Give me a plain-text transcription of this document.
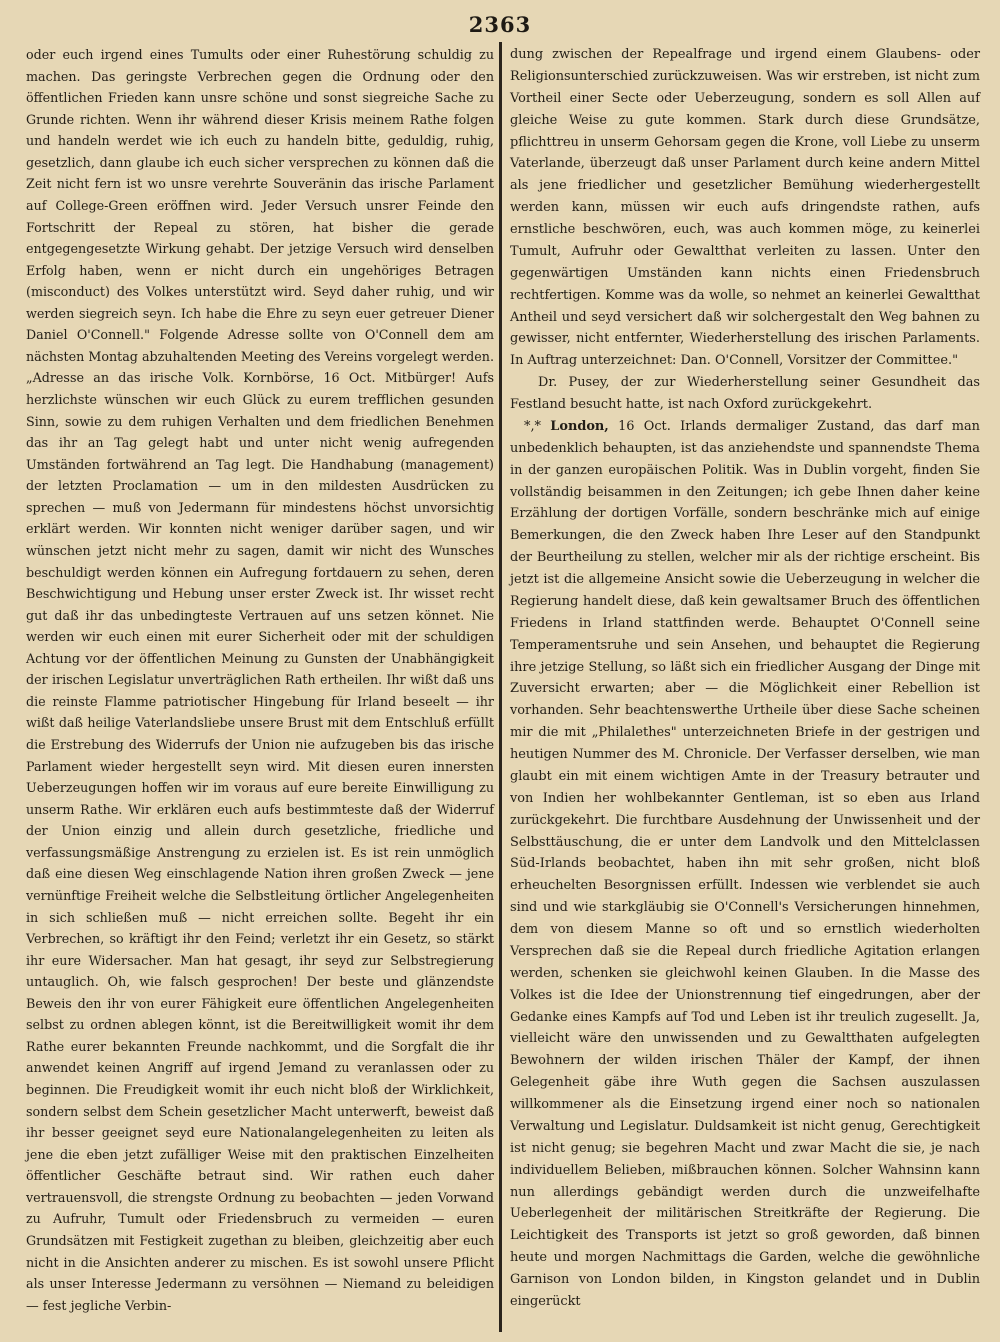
2363

oder euch irgend eines Tumults oder einer Ruhestörung schuldig zu machen. Das geringste Verbrechen gegen die Ordnung oder den öffentlichen Frieden kann unsre schöne und sonst siegreiche Sache zu Grunde richten. Wenn ihr während dieser Krisis meinem Rathe folgen und handeln werdet wie ich euch zu handeln bitte, geduldig, ruhig, gesetzlich, dann glaube ich euch sicher versprechen zu können daß die Zeit nicht fern ist wo unsre verehrte Souveränin das irische Parlament auf College-Green eröffnen wird. Jeder Versuch unsrer Feinde den Fortschritt der Repeal zu stören, hat bisher die gerade entgegengesetzte Wirkung gehabt. Der jetzige Versuch wird denselben Erfolg haben, wenn er nicht durch ein ungehöriges Betragen (misconduct) des Volkes unterstützt wird. Seyd daher ruhig, und wir werden siegreich seyn. Ich habe die Ehre zu seyn euer getreuer Diener Daniel O'Connell." Folgende Adresse sollte von O'Connell dem am nächsten Montag abzuhaltenden Meeting des Vereins vorgelegt werden. „Adresse an das irische Volk. Kornbörse, 16 Oct. Mitbürger! Aufs herzlichste wünschen wir euch Glück zu eurem trefflichen gesunden Sinn, sowie zu dem ruhigen Verhalten und dem friedlichen Benehmen das ihr an Tag gelegt habt und unter nicht wenig aufregenden Umständen fortwährend an Tag legt. Die Handhabung (management) der letzten Proclamation — um in den mildesten Ausdrücken zu sprechen — muß von Jedermann für mindestens höchst unvorsichtig erklärt werden. Wir konnten nicht weniger darüber sagen, und wir wünschen jetzt nicht mehr zu sagen, damit wir nicht des Wunsches beschuldigt werden können ein Aufregung fortdauern zu sehen, deren Beschwichtigung und Hebung unser erster Zweck ist. Ihr wisset recht gut daß ihr das unbedingteste Vertrauen auf uns setzen könnet. Nie werden wir euch einen mit eurer Sicherheit oder mit der schuldigen Achtung vor der öffentlichen Meinung zu Gunsten der Unabhängigkeit der irischen Legislatur unverträglichen Rath ertheilen. Ihr wißt daß uns die reinste Flamme patriotischer Hingebung für Irland beseelt — ihr wißt daß heilige Vaterlandsliebe unsere Brust mit dem Entschluß erfüllt die Erstrebung des Widerrufs der Union nie aufzugeben bis das irische Parlament wieder hergestellt seyn wird. Mit diesen euren innersten Ueberzeugungen hoffen wir im voraus auf eure bereite Einwilligung zu unserm Rathe. Wir erklären euch aufs bestimmteste daß der Widerruf der Union einzig und allein durch gesetzliche, friedliche und verfassungsmäßige Anstrengung zu erzielen ist. Es ist rein unmöglich daß eine diesen Weg einschlagende Nation ihren großen Zweck — jene vernünftige Freiheit welche die Selbstleitung örtlicher Angelegenheiten in sich schließen muß — nicht erreichen sollte. Begeht ihr ein Verbrechen, so kräftigt ihr den Feind; verletzt ihr ein Gesetz, so stärkt ihr eure Widersacher. Man hat gesagt, ihr seyd zur Selbstregierung untauglich. Oh, wie falsch gesprochen! Der beste und glänzendste Beweis den ihr von eurer Fähigkeit eure öffentlichen Angelegenheiten selbst zu ordnen ablegen könnt, ist die Bereitwilligkeit womit ihr dem Rathe eurer bekannten Freunde nachkommt, und die Sorgfalt die ihr anwendet keinen Angriff auf irgend Jemand zu veranlassen oder zu beginnen. Die Freudigkeit womit ihr euch nicht bloß der Wirklichkeit, sondern selbst dem Schein gesetzlicher Macht unterwerft, beweist daß ihr besser geeignet seyd eure Nationalangelegenheiten zu leiten als jene die eben jetzt zufälliger Weise mit den praktischen Einzelheiten öffentlicher Geschäfte betraut sind. Wir rathen euch daher vertrauensvoll, die strengste Ordnung zu beobachten — jeden Vorwand zu Aufruhr, Tumult oder Friedensbruch zu vermeiden — euren Grundsätzen mit Festigkeit zugethan zu bleiben, gleichzeitig aber euch nicht in die Ansichten anderer zu mischen. Es ist sowohl unsere Pflicht als unser Interesse Jedermann zu versöhnen — Niemand zu beleidigen — fest jegliche Verbin-

dung zwischen der Repealfrage und irgend einem Glaubens- oder Religionsunterschied zurückzuweisen. Was wir erstreben, ist nicht zum Vortheil einer Secte oder Ueberzeugung, sondern es soll Allen auf gleiche Weise zu gute kommen. Stark durch diese Grundsätze, pflichttreu in unserm Gehorsam gegen die Krone, voll Liebe zu unserm Vaterlande, überzeugt daß unser Parlament durch keine andern Mittel als jene friedlicher und gesetzlicher Bemühung wiederhergestellt werden kann, müssen wir euch aufs dringendste rathen, aufs ernstliche beschwören, euch, was auch kommen möge, zu keinerlei Tumult, Aufruhr oder Gewaltthat verleiten zu lassen. Unter den gegenwärtigen Umständen kann nichts einen Friedensbruch rechtfertigen. Komme was da wolle, so nehmet an keinerlei Gewaltthat Antheil und seyd versichert daß wir solchergestalt den Weg bahnen zu gewisser, nicht entfernter, Wiederherstellung des irischen Parlaments. In Auftrag unterzeichnet: Dan. O'Connell, Vorsitzer der Committee."

Dr. Pusey, der zur Wiederherstellung seiner Gesundheit das Festland besucht hatte, ist nach Oxford zurückgekehrt.

*,* London, 16 Oct. Irlands dermaliger Zustand, das darf man unbedenklich behaupten, ist das anziehendste und spannendste Thema in der ganzen europäischen Politik. Was in Dublin vorgeht, finden Sie vollständig beisammen in den Zeitungen; ich gebe Ihnen daher keine Erzählung der dortigen Vorfälle, sondern beschränke mich auf einige Bemerkungen, die den Zweck haben Ihre Leser auf den Standpunkt der Beurtheilung zu stellen, welcher mir als der richtige erscheint. Bis jetzt ist die allgemeine Ansicht sowie die Ueberzeugung in welcher die Regierung handelt diese, daß kein gewaltsamer Bruch des öffentlichen Friedens in Irland stattfinden werde. Behauptet O'Connell seine Temperamentsruhe und sein Ansehen, und behauptet die Regierung ihre jetzige Stellung, so läßt sich ein friedlicher Ausgang der Dinge mit Zuversicht erwarten; aber — die Möglichkeit einer Rebellion ist vorhanden. Sehr beachtenswerthe Urtheile über diese Sache scheinen mir die mit „Philalethes" unterzeichneten Briefe in der gestrigen und heutigen Nummer des M. Chronicle. Der Verfasser derselben, wie man glaubt ein mit einem wichtigen Amte in der Treasury betrauter und von Indien her wohlbekannter Gentleman, ist so eben aus Irland zurückgekehrt. Die furchtbare Ausdehnung der Unwissenheit und der Selbsttäuschung, die er unter dem Landvolk und den Mittelclassen Süd-Irlands beobachtet, haben ihn mit sehr großen, nicht bloß erheuchelten Besorgnissen erfüllt. Indessen wie verblendet sie auch sind und wie starkgläubig sie O'Connell's Versicherungen hinnehmen, dem von diesem Manne so oft und so ernstlich wiederholten Versprechen daß sie die Repeal durch friedliche Agitation erlangen werden, schenken sie gleichwohl keinen Glauben. In die Masse des Volkes ist die Idee der Unionstrennung tief eingedrungen, aber der Gedanke eines Kampfs auf Tod und Leben ist ihr treulich zugesellt. Ja, vielleicht wäre den unwissenden und zu Gewaltthaten aufgelegten Bewohnern der wilden irischen Thäler der Kampf, der ihnen Gelegenheit gäbe ihre Wuth gegen die Sachsen auszulassen willkommener als die Einsetzung irgend einer noch so nationalen Verwaltung und Legislatur. Duldsamkeit ist nicht genug, Gerechtigkeit ist nicht genug; sie begehren Macht und zwar Macht die sie, je nach individuellem Belieben, mißbrauchen können. Solcher Wahnsinn kann nun allerdings gebändigt werden durch die unzweifelhafte Ueberlegenheit der militärischen Streitkräfte der Regierung. Die Leichtigkeit des Transports ist jetzt so groß geworden, daß binnen heute und morgen Nachmittags die Garden, welche die gewöhnliche Garnison von London bilden, in Kingston gelandet und in Dublin eingerückt
